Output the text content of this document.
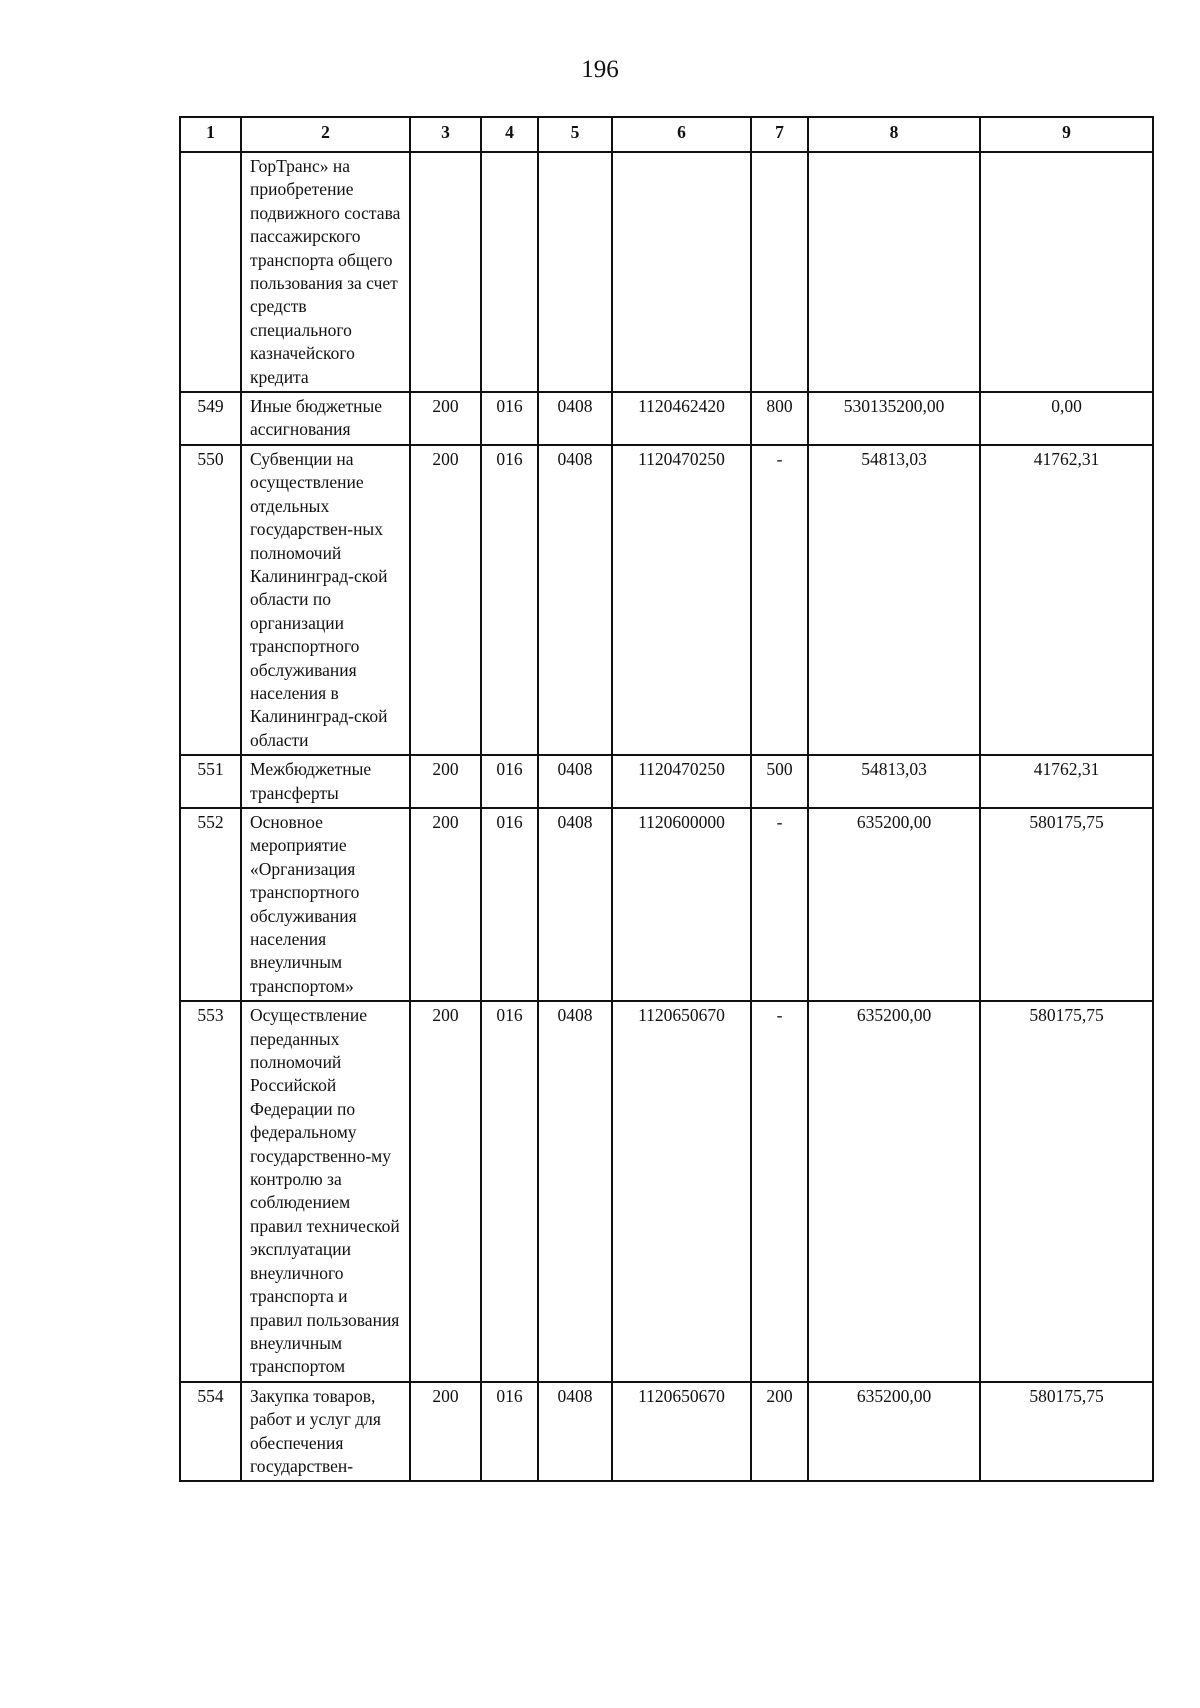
196
1	2	3	4	5	6	7	8	9
	ГорТранс» на приобретение подвижного состава пассажирского транспорта общего пользования за счет средств специального казначейского кредита							
549	Иные бюджетные ассигнования	200	016	0408	1120462420	800	530135200,00	0,00
550	Субвенции на осуществление отдельных государствен-ных полномочий Калининград-ской области по организации транспортного обслуживания населения в Калининград-ской области	200	016	0408	1120470250	-	54813,03	41762,31
551	Межбюджетные трансферты	200	016	0408	1120470250	500	54813,03	41762,31
552	Основное мероприятие «Организация транспортного обслуживания населения внеуличным транспортом»	200	016	0408	1120600000	-	635200,00	580175,75
553	Осуществление переданных полномочий Российской Федерации по федеральному государственно-му контролю за соблюдением правил технической эксплуатации внеуличного транспорта и правил пользования внеуличным транспортом	200	016	0408	1120650670	-	635200,00	580175,75
554	Закупка товаров, работ и услуг для обеспечения государствен-	200	016	0408	1120650670	200	635200,00	580175,75
